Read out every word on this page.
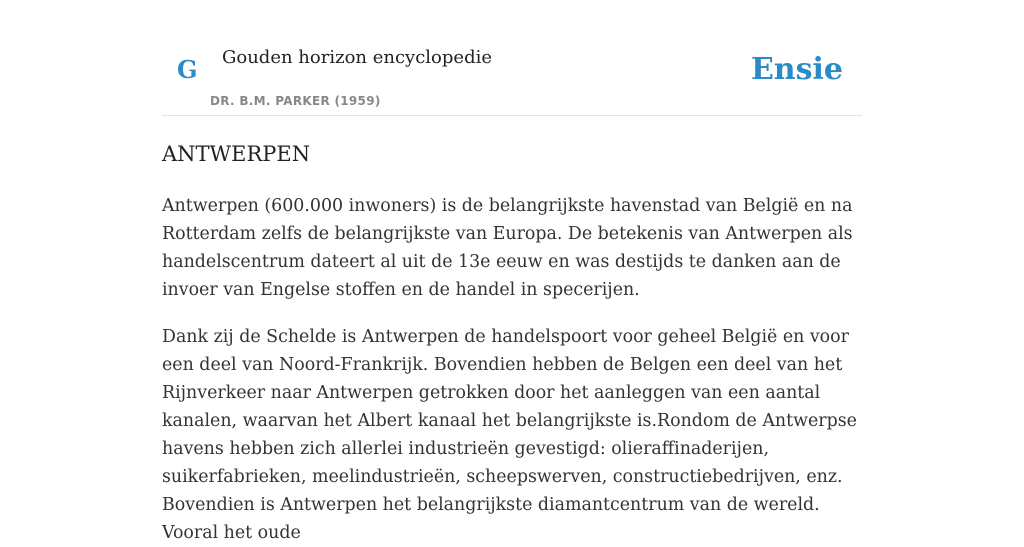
G Gouden horizon encyclopedie
DR. B.M. PARKER (1959)
Ensie
ANTWERPEN

Antwerpen (600.000 inwoners) is de belangrijkste havenstad van België en na Rotterdam zelfs de belangrijkste van Europa. De betekenis van Antwerpen als handelscentrum dateert al uit de 13e eeuw en was destijds te danken aan de invoer van Engelse stoffen en de handel in specerijen.

Dank zij de Schelde is Antwerpen de handelspoort voor geheel België en voor een deel van Noord-Frankrijk. Bovendien hebben de Belgen een deel van het Rijnverkeer naar Antwerpen getrokken door het aanleggen van een aantal kanalen, waarvan het Albert kanaal het belangrijkste is.Rondom de Antwerpse havens hebben zich allerlei industrieën gevestigd: olieraffinaderijen, suikerfabrieken, meelindustrieën, scheepswerven, constructiebedrijven, enz. Bovendien is Antwerpen het belangrijkste diamantcentrum van de wereld. Vooral het oude
